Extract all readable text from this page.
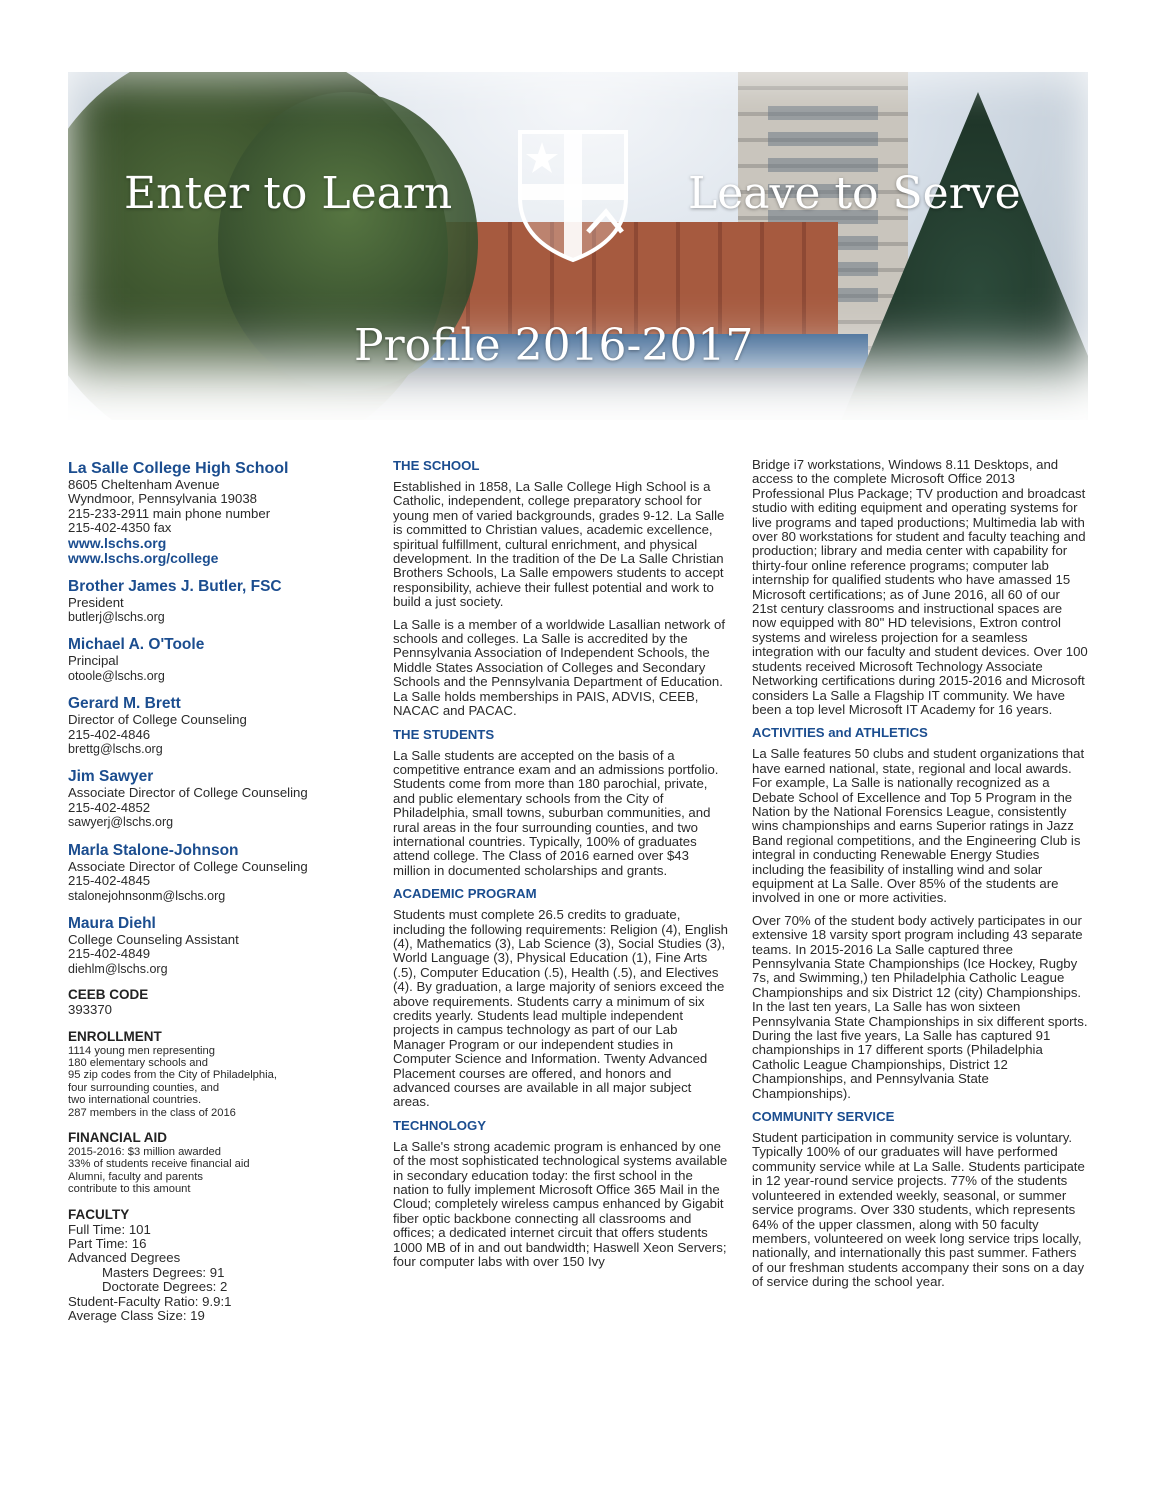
Enter to Learn	Leave to Serve
Profile 2016-2017
La Salle College High School
8605 Cheltenham Avenue
Wyndmoor, Pennsylvania 19038
215-233-2911 main phone number
215-402-4350 fax
www.lschs.org
www.lschs.org/college
Brother James J. Butler, FSC
President
butlerj@lschs.org
Michael A. O'Toole
Principal
otoole@lschs.org
Gerard M. Brett
Director of College Counseling
215-402-4846
brettg@lschs.org
Jim Sawyer
Associate Director of College Counseling
215-402-4852
sawyerj@lschs.org
Marla Stalone-Johnson
Associate Director of College Counseling
215-402-4845
stalonejohnsonm@lschs.org
Maura Diehl
College Counseling Assistant
215-402-4849
diehlm@lschs.org
CEEB CODE
393370
ENROLLMENT
1114 young men representing
180 elementary schools and
95 zip codes from the City of Philadelphia,
four surrounding counties, and
two international countries.
287 members in the class of 2016
FINANCIAL AID
2015-2016: $3 million awarded
33% of students receive financial aid
Alumni, faculty and parents
contribute to this amount
FACULTY
Full Time: 101
Part Time: 16
Advanced Degrees
Masters Degrees: 91
Doctorate Degrees: 2
Student-Faculty Ratio: 9.9:1
Average Class Size: 19
THE SCHOOL

Established in 1858, La Salle College High School is a Catholic, independent, college preparatory school for young men of varied backgrounds, grades 9-12. La Salle is committed to Christian values, academic excellence, spiritual fulfillment, cultural enrichment, and physical development. In the tradition of the De La Salle Christian Brothers Schools, La Salle empowers students to accept responsibility, achieve their fullest potential and work to build a just society.

La Salle is a member of a worldwide Lasallian network of schools and colleges. La Salle is accredited by the Pennsylvania Association of Independent Schools, the Middle States Association of Colleges and Secondary Schools and the Pennsylvania Department of Education. La Salle holds memberships in PAIS, ADVIS, CEEB, NACAC and PACAC.

THE STUDENTS

La Salle students are accepted on the basis of a competitive entrance exam and an admissions portfolio. Students come from more than 180 parochial, private, and public elementary schools from the City of Philadelphia, small towns, suburban communities, and rural areas in the four surrounding counties, and two international countries. Typically, 100% of graduates attend college. The Class of 2016 earned over $43 million in documented scholarships and grants.

ACADEMIC PROGRAM

Students must complete 26.5 credits to graduate, including the following requirements: Religion (4), English (4), Mathematics (3), Lab Science (3), Social Studies (3), World Language (3), Physical Education (1), Fine Arts (.5), Computer Education (.5), Health (.5), and Electives (4). By graduation, a large majority of seniors exceed the above requirements. Students carry a minimum of six credits yearly. Students lead multiple independent projects in campus technology as part of our Lab Manager Program or our independent studies in Computer Science and Information. Twenty Advanced Placement courses are offered, and honors and advanced courses are available in all major subject areas.

TECHNOLOGY

La Salle's strong academic program is enhanced by one of the most sophisticated technological systems available in secondary education today: the first school in the nation to fully implement Microsoft Office 365 Mail in the Cloud; completely wireless campus enhanced by Gigabit fiber optic backbone connecting all classrooms and offices; a dedicated internet circuit that offers students 1000 MB of in and out bandwidth; Haswell Xeon Servers; four computer labs with over 150 Ivy

Bridge i7 workstations, Windows 8.11 Desktops, and access to the complete Microsoft Office 2013 Professional Plus Package; TV production and broadcast studio with editing equipment and operating systems for live programs and taped productions; Multimedia lab with over 80 workstations for student and faculty teaching and production; library and media center with capability for thirty-four online reference programs; computer lab internship for qualified students who have amassed 15 Microsoft certifications; as of June 2016, all 60 of our 21st century classrooms and instructional spaces are now equipped with 80" HD televisions, Extron control systems and wireless projection for a seamless integration with our faculty and student devices. Over 100 students received Microsoft Technology Associate Networking certifications during 2015-2016 and Microsoft considers La Salle a Flagship IT community. We have been a top level Microsoft IT Academy for 16 years.

ACTIVITIES and ATHLETICS

La Salle features 50 clubs and student organizations that have earned national, state, regional and local awards. For example, La Salle is nationally recognized as a Debate School of Excellence and Top 5 Program in the Nation by the National Forensics League, consistently wins championships and earns Superior ratings in Jazz Band regional competitions, and the Engineering Club is integral in conducting Renewable Energy Studies including the feasibility of installing wind and solar equipment at La Salle. Over 85% of the students are involved in one or more activities.

Over 70% of the student body actively participates in our extensive 18 varsity sport program including 43 separate teams. In 2015-2016 La Salle captured three Pennsylvania State Championships (Ice Hockey, Rugby 7s, and Swimming,) ten Philadelphia Catholic League Championships and six District 12 (city) Championships. In the last ten years, La Salle has won sixteen Pennsylvania State Championships in six different sports. During the last five years, La Salle has captured 91 championships in 17 different sports (Philadelphia Catholic League Championships, District 12 Championships, and Pennsylvania State Championships).

COMMUNITY SERVICE

Student participation in community service is voluntary. Typically 100% of our graduates will have performed community service while at La Salle. Students participate in 12 year-round service projects. 77% of the students volunteered in extended weekly, seasonal, or summer service programs. Over 330 students, which represents 64% of the upper classmen, along with 50 faculty members, volunteered on week long service trips locally, nationally, and internationally this past summer. Fathers of our freshman students accompany their sons on a day of service during the school year.
